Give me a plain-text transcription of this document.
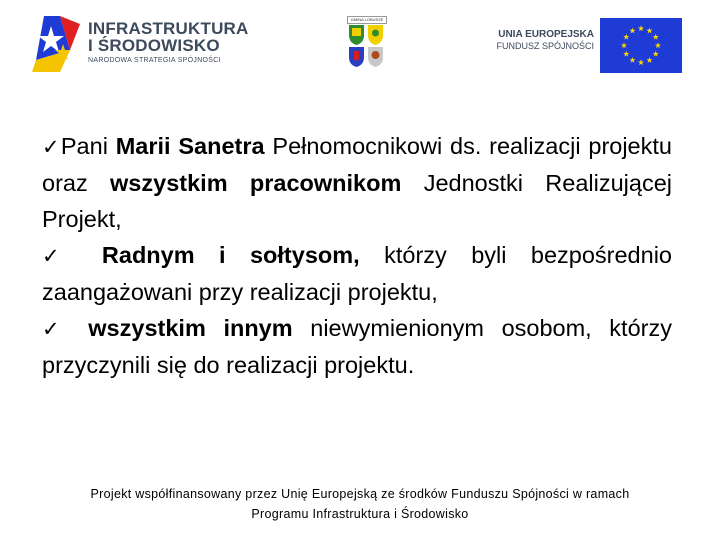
INFRASTRUKTURA
I ŚRODOWISKO
NARODOWA STRATEGIA SPÓJNOŚCI
GMINA LOBUSZE
UNIA EUROPEJSKA
FUNDUSZ SPÓJNOŚCI

✓Pani Marii Sanetra Pełnomocnikowi ds. realizacji projektu oraz wszystkim pracownikom Jednostki Realizującej Projekt,

✓ Radnym i sołtysom, którzy byli bezpośrednio zaangażowani przy realizacji projektu,

✓ wszystkim innym niewymienionym osobom, którzy przyczynili się do realizacji projektu.

Projekt współfinansowany przez Unię Europejską ze środków Funduszu Spójności w ramach
Programu Infrastruktura i Środowisko
